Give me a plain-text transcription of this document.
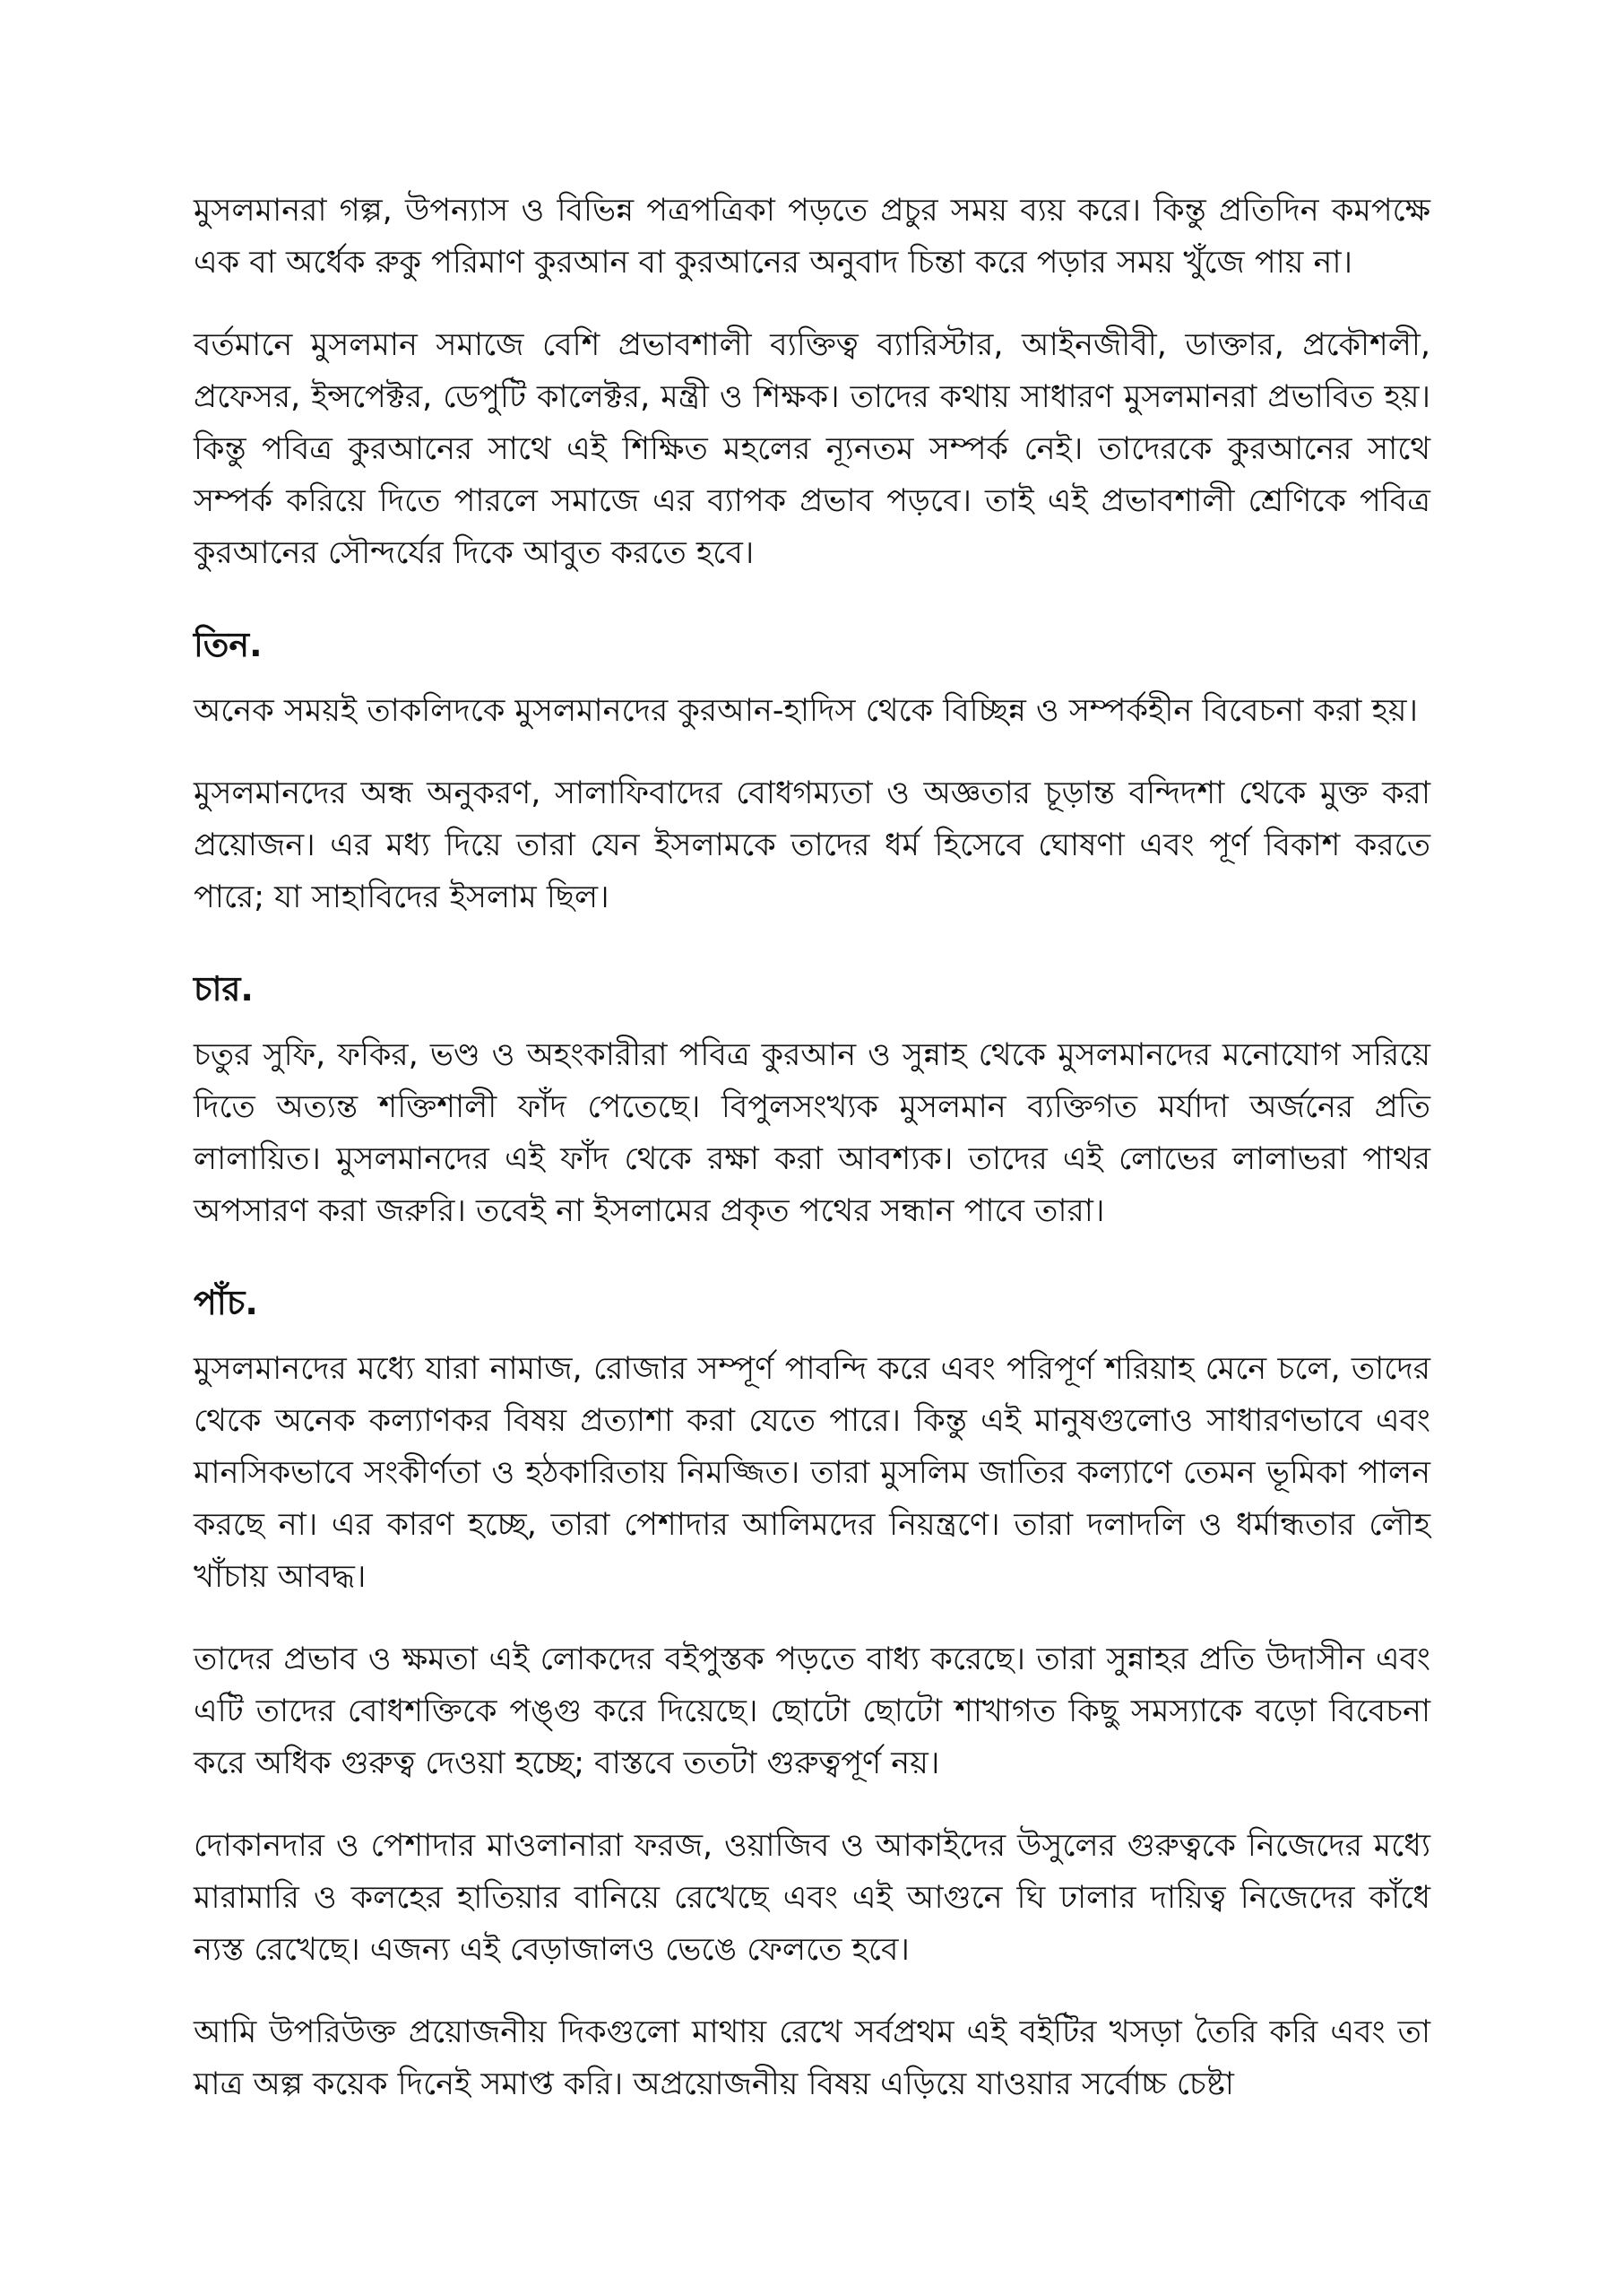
মুসলমানরা গল্প, উপন্যাস ও বিভিন্ন পত্রপত্রিকা পড়তে প্রচুর সময় ব্যয় করে। কিন্তু প্রতিদিন কমপক্ষে এক বা অর্ধেক রুকু পরিমাণ কুরআন বা কুরআনের অনুবাদ চিন্তা করে পড়ার সময় খুঁজে পায় না।

বর্তমানে মুসলমান সমাজে বেশি প্রভাবশালী ব্যক্তিত্ব ব্যারিস্টার, আইনজীবী, ডাক্তার, প্রকৌশলী, প্রফেসর, ইন্সপেক্টর, ডেপুটি কালেক্টর, মন্ত্রী ও শিক্ষক। তাদের কথায় সাধারণ মুসলমানরা প্রভাবিত হয়। কিন্তু পবিত্র কুরআনের সাথে এই শিক্ষিত মহলের ন্যূনতম সম্পর্ক নেই। তাদেরকে কুরআনের সাথে সম্পর্ক করিয়ে দিতে পারলে সমাজে এর ব্যাপক প্রভাব পড়বে। তাই এই প্রভাবশালী শ্রেণিকে পবিত্র কুরআনের সৌন্দর্যের দিকে আবুত করতে হবে।

তিন.

অনেক সময়ই তাকলিদকে মুসলমানদের কুরআন-হাদিস থেকে বিচ্ছিন্ন ও সম্পর্কহীন বিবেচনা করা হয়।

মুসলমানদের অন্ধ অনুকরণ, সালাফিবাদের বোধগম্যতা ও অজ্ঞতার চূড়ান্ত বন্দিদশা থেকে মুক্ত করা প্রয়োজন। এর মধ্য দিয়ে তারা যেন ইসলামকে তাদের ধর্ম হিসেবে ঘোষণা এবং পূর্ণ বিকাশ করতে পারে; যা সাহাবিদের ইসলাম ছিল।

চার.

চতুর সুফি, ফকির, ভণ্ড ও অহংকারীরা পবিত্র কুরআন ও সুন্নাহ থেকে মুসলমানদের মনোযোগ সরিয়ে দিতে অত্যন্ত শক্তিশালী ফাঁদ পেতেছে। বিপুলসংখ্যক মুসলমান ব্যক্তিগত মর্যাদা অর্জনের প্রতি লালায়িত। মুসলমানদের এই ফাঁদ থেকে রক্ষা করা আবশ্যক। তাদের এই লোভের লালাভরা পাথর অপসারণ করা জরুরি। তবেই না ইসলামের প্রকৃত পথের সন্ধান পাবে তারা।

পাঁচ.

মুসলমানদের মধ্যে যারা নামাজ, রোজার সম্পূর্ণ পাবন্দি করে এবং পরিপূর্ণ শরিয়াহ মেনে চলে, তাদের থেকে অনেক কল্যাণকর বিষয় প্রত্যাশা করা যেতে পারে। কিন্তু এই মানুষগুলোও সাধারণভাবে এবং মানসিকভাবে সংকীর্ণতা ও হঠকারিতায় নিমজ্জিত। তারা মুসলিম জাতির কল্যাণে তেমন ভূমিকা পালন করছে না। এর কারণ হচ্ছে, তারা পেশাদার আলিমদের নিয়ন্ত্রণে। তারা দলাদলি ও ধর্মান্ধতার লৌহ খাঁচায় আবদ্ধ।

তাদের প্রভাব ও ক্ষমতা এই লোকদের বইপুস্তক পড়তে বাধ্য করেছে। তারা সুন্নাহর প্রতি উদাসীন এবং এটি তাদের বোধশক্তিকে পঙ্গু করে দিয়েছে। ছোটো ছোটো শাখাগত কিছু সমস্যাকে বড়ো বিবেচনা করে অধিক গুরুত্ব দেওয়া হচ্ছে; বাস্তবে ততটা গুরুত্বপূর্ণ নয়।

দোকানদার ও পেশাদার মাওলানারা ফরজ, ওয়াজিব ও আকাইদের উসুলের গুরুত্বকে নিজেদের মধ্যে মারামারি ও কলহের হাতিয়ার বানিয়ে রেখেছে এবং এই আগুনে ঘি ঢালার দায়িত্ব নিজেদের কাঁধে ন্যস্ত রেখেছে। এজন্য এই বেড়াজালও ভেঙে ফেলতে হবে।

আমি উপরিউক্ত প্রয়োজনীয় দিকগুলো মাথায় রেখে সর্বপ্রথম এই বইটির খসড়া তৈরি করি এবং তা মাত্র অল্প কয়েক দিনেই সমাপ্ত করি। অপ্রয়োজনীয় বিষয় এড়িয়ে যাওয়ার সর্বোচ্চ চেষ্টা
